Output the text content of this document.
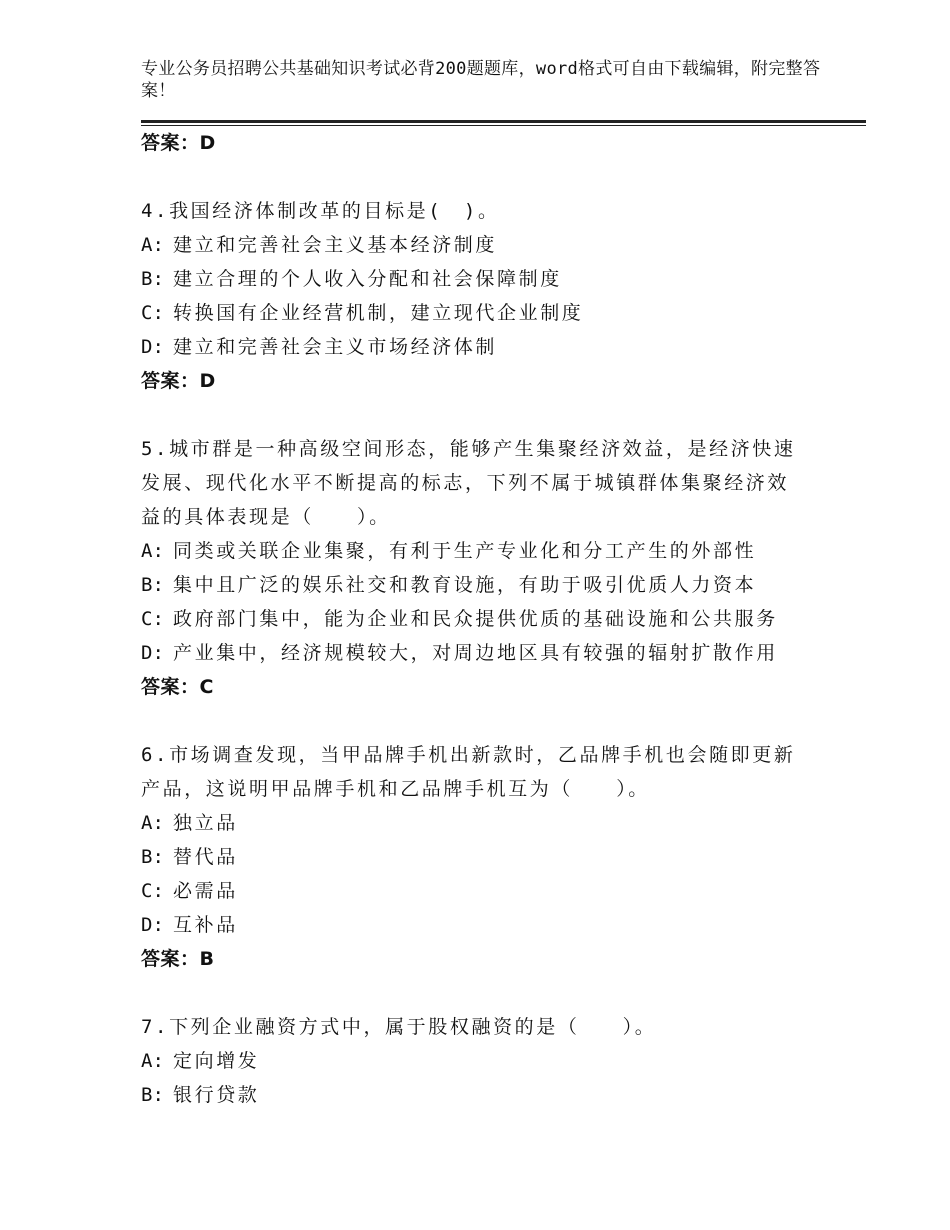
专业公务员招聘公共基础知识考试必背200题题库，word格式可自由下载编辑，附完整答案！
答案：D
4.我国经济体制改革的目标是(　)。
A: 建立和完善社会主义基本经济制度
B: 建立合理的个人收入分配和社会保障制度
C: 转换国有企业经营机制，建立现代企业制度
D: 建立和完善社会主义市场经济体制
答案：D
5.城市群是一种高级空间形态，能够产生集聚经济效益，是经济快速发展、现代化水平不断提高的标志，下列不属于城镇群体集聚经济效益的具体表现是（　　）。
A: 同类或关联企业集聚，有利于生产专业化和分工产生的外部性
B: 集中且广泛的娱乐社交和教育设施，有助于吸引优质人力资本
C: 政府部门集中，能为企业和民众提供优质的基础设施和公共服务
D: 产业集中，经济规模较大，对周边地区具有较强的辐射扩散作用
答案：C
6.市场调查发现，当甲品牌手机出新款时，乙品牌手机也会随即更新产品，这说明甲品牌手机和乙品牌手机互为（　　）。
A: 独立品
B: 替代品
C: 必需品
D: 互补品
答案：B
7.下列企业融资方式中，属于股权融资的是（　　）。
A: 定向增发
B: 银行贷款
